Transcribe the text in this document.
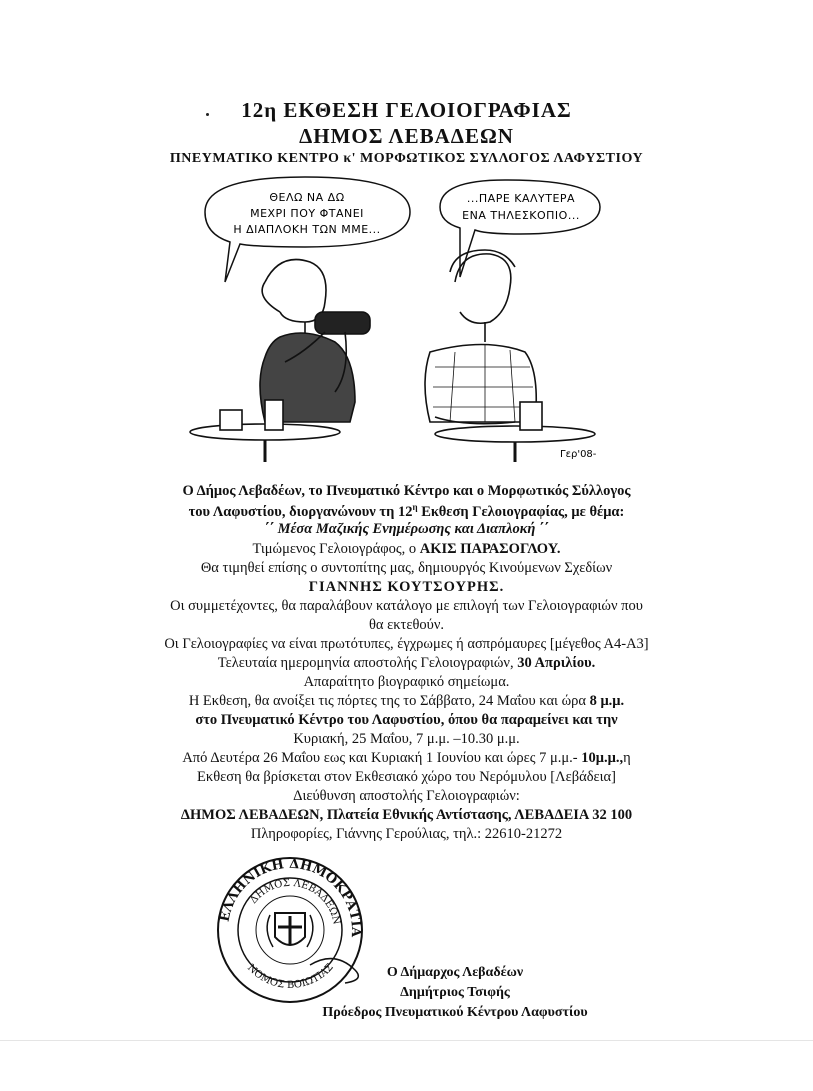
12η ΕΚΘΕΣΗ ΓΕΛΟΙΟΓΡΑΦΙΑΣ
ΔΗΜΟΣ ΛΕΒΑΔΕΩΝ
ΠΝΕΥΜΑΤΙΚΟ ΚΕΝΤΡΟ κ' ΜΟΡΦΩΤΙΚΟΣ ΣΥΛΛΟΓΟΣ ΛΑΦΥΣΤΙΟΥ
ΘΕΛΩ ΝΑ ΔΩ
ΜΕΧΡΙ ΠΟΥ ΦΤΑΝΕΙ
Η ΔΙΑΠΛΟΚΗ ΤΩΝ ΜΜΕ...
...ΠΑΡΕ ΚΑΛΥΤΕΡΑ
ΕΝΑ ΤΗΛΕΣΚΟΠΙΟ...
Γερ'08-
Ο Δήμος Λεβαδέων, το Πνευματικό Κέντρο και ο Μορφωτικός Σύλλογος
του Λαφυστίου, διοργανώνουν τη $12^\eta$ Εκθεση Γελοιογραφίας, με θέμα:
΄΄ Μέσα Μαζικής Ενημέρωσης και Διαπλοκή ΄΄
Τιμώμενος Γελοιογράφος, ο ΑΚΙΣ ΠΑΡΑΣΟΓΛΟΥ.
Θα τιμηθεί επίσης ο συντοπίτης μας, δημιουργός Κινούμενων Σχεδίων
ΓΙΑΝΝΗΣ ΚΟΥΤΣΟΥΡΗΣ.
Οι συμμετέχοντες, θα παραλάβουν κατάλογο με επιλογή των Γελοιογραφιών που
θα εκτεθούν.
Οι Γελοιογραφίες να είναι πρωτότυπες, έγχρωμες ή ασπρόμαυρες [μέγεθος Α4-Α3]
Τελευταία ημερομηνία αποστολής Γελοιογραφιών, 30 Απριλίου.
Απαραίτητο βιογραφικό σημείωμα.
Η Εκθεση, θα ανοίξει τις πόρτες της το Σάββατο, 24 Μαΐου και ώρα 8 μ.μ.
στο Πνευματικό Κέντρο του Λαφυστίου, όπου θα παραμείνει και την
Κυριακή, 25 Μαΐου, 7 μ.μ. –10.30 μ.μ.
Από Δευτέρα 26 Μαΐου εως και Κυριακή 1 Ιουνίου και ώρες 7 μ.μ.- 10μ.μ.,η
Εκθεση θα βρίσκεται στον Εκθεσιακό χώρο του Νερόμυλου [Λεβάδεια]
Διεύθυνση αποστολής Γελοιογραφιών:
ΔΗΜΟΣ ΛΕΒΑΔΕΩΝ, Πλατεία Εθνικής Αντίστασης, ΛΕΒΑΔΕΙΑ 32 100
Πληροφορίες, Γιάννης Γερούλιας, τηλ.: 22610-21272
ΕΛΛΗΝΙΚΗ ΔΗΜΟΚΡΑΤΙΑ
ΔΗΜΟΣ ΛΕΒΑΔΕΩΝ
ΝΟΜΟΣ ΒΟΙΩΤΙΑΣ	Ο Δήμαρχος Λεβαδέων
Δημήτριος Τσιφής
Πρόεδρος Πνευματικού Κέντρου Λαφυστίου
